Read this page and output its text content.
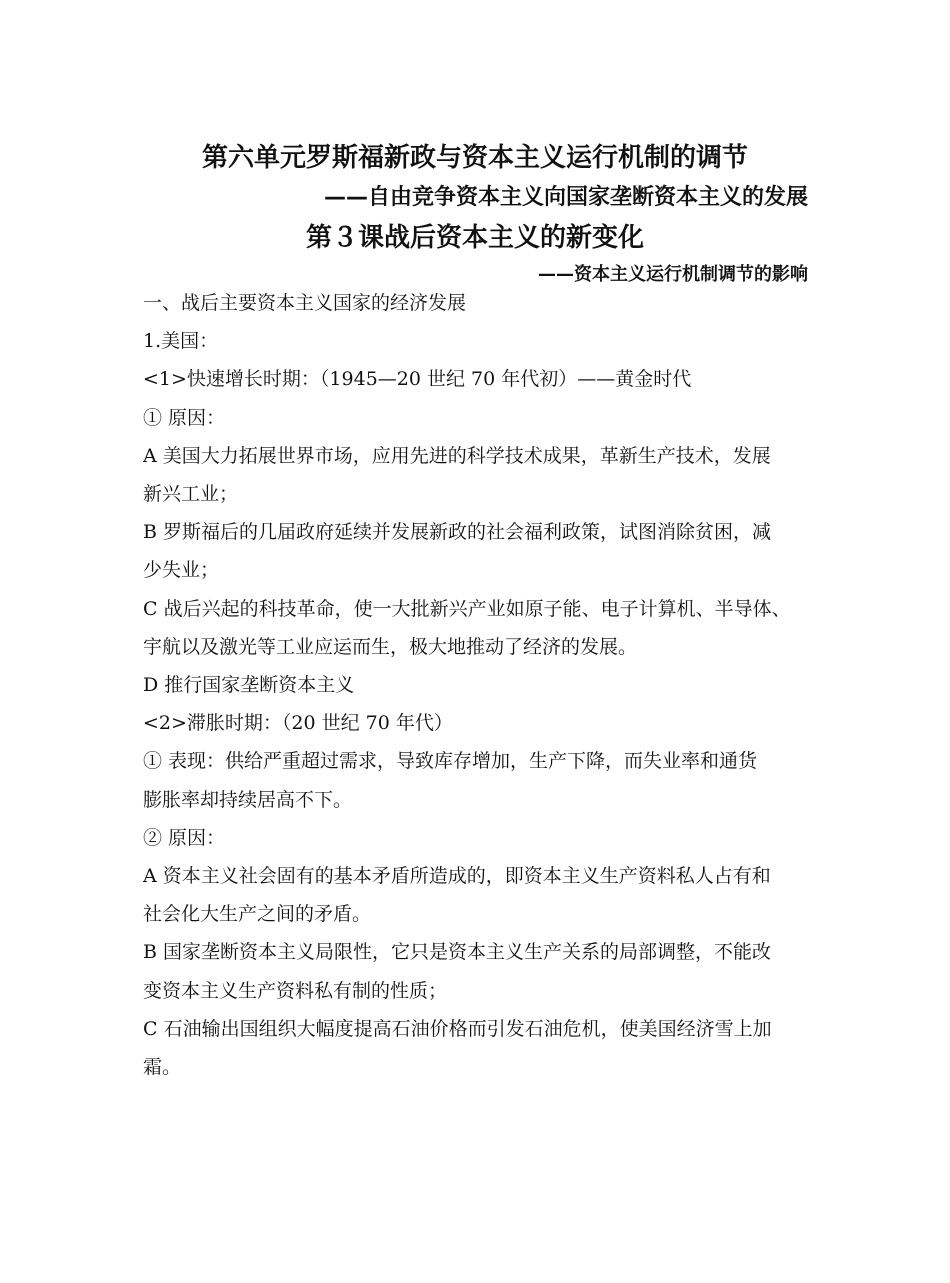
第六单元罗斯福新政与资本主义运行机制的调节
——自由竞争资本主义向国家垄断资本主义的发展
第３课战后资本主义的新变化
——资本主义运行机制调节的影响

一、战后主要资本主义国家的经济发展

1.美国：

<1>快速增长时期：（1945—20 世纪 70 年代初）——黄金时代

① 原因：

A 美国大力拓展世界市场，应用先进的科学技术成果，革新生产技术，发展

新兴工业；

B 罗斯福后的几届政府延续并发展新政的社会福利政策，试图消除贫困，减

少失业；

C 战后兴起的科技革命，使一大批新兴产业如原子能、电子计算机、半导体、

宇航以及激光等工业应运而生，极大地推动了经济的发展。

D 推行国家垄断资本主义

<2>滞胀时期：（20 世纪 70 年代）

① 表现：供给严重超过需求，导致库存增加，生产下降，而失业率和通货

膨胀率却持续居高不下。

② 原因：

A 资本主义社会固有的基本矛盾所造成的，即资本主义生产资料私人占有和

社会化大生产之间的矛盾。

B 国家垄断资本主义局限性，它只是资本主义生产关系的局部调整，不能改

变资本主义生产资料私有制的性质；

C 石油输出国组织大幅度提高石油价格而引发石油危机，使美国经济雪上加

霜。
